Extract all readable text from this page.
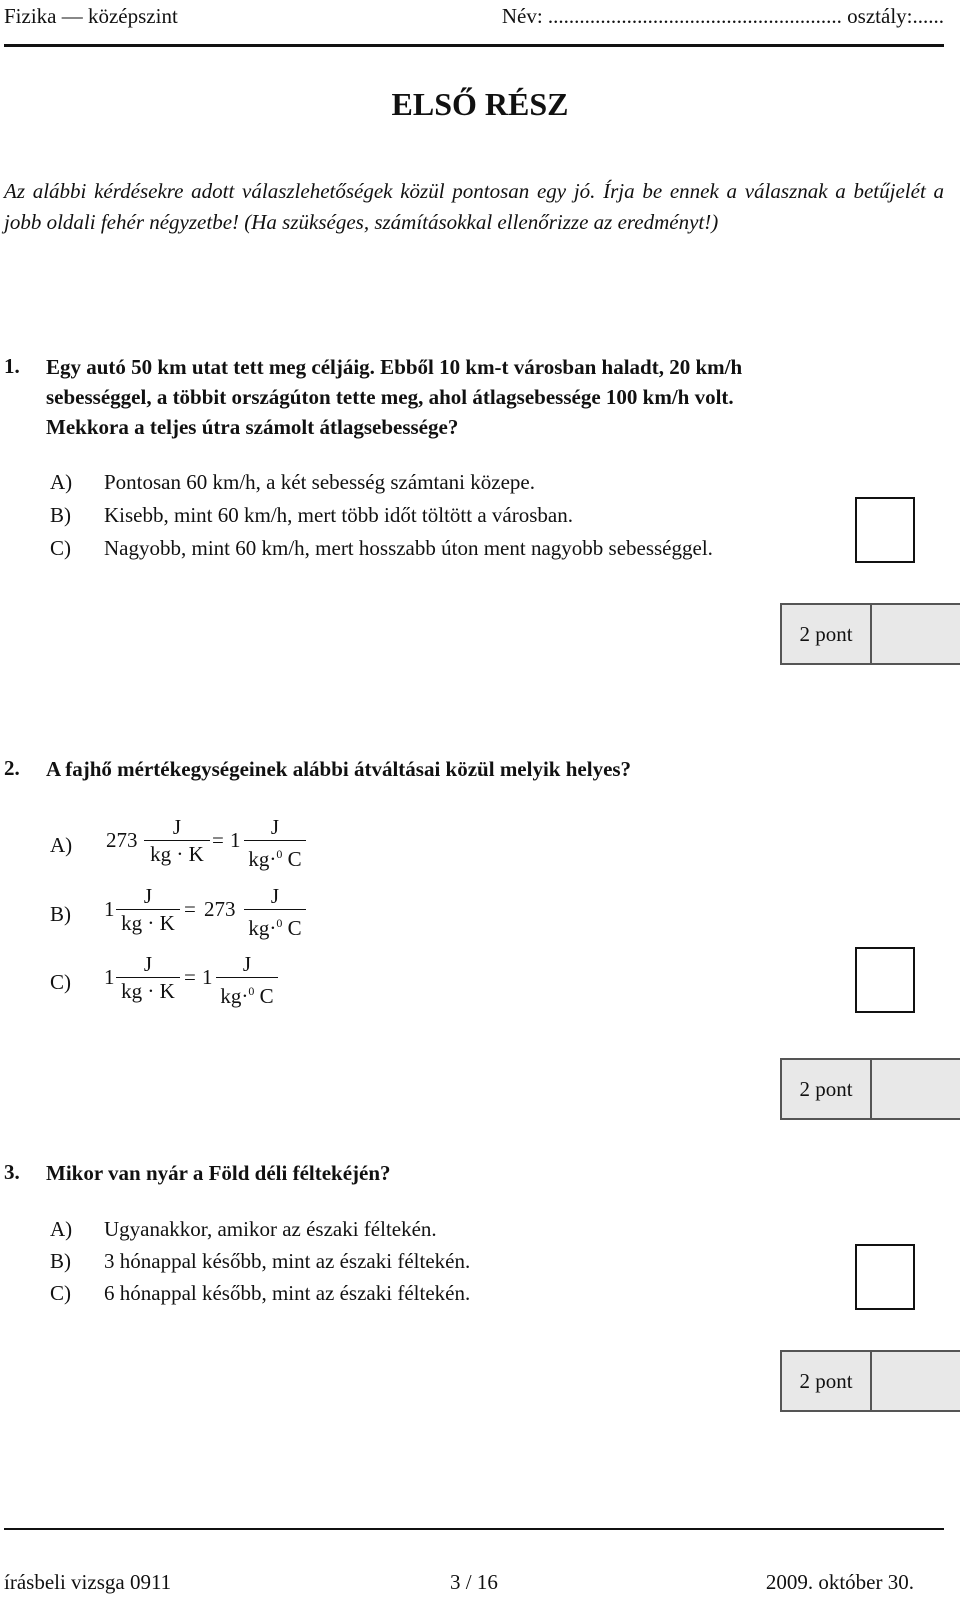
Fizika — középszint	Név: ........................................................ osztály:......
ELSŐ RÉSZ
Az alábbi kérdésekre adott válaszlehetőségek közül pontosan egy jó. Írja be ennek a válasznak a betűjelét a jobb oldali fehér négyzetbe! (Ha szükséges, számításokkal ellenőrizze az eredményt!)
1. Egy autó 50 km utat tett meg céljáig. Ebből 10 km-t városban haladt, 20 km/h
sebességgel, a többit országúton tette meg, ahol átlagsebessége 100 km/h volt.
Mekkora a teljes útra számolt átlagsebessége?
A) Pontosan 60 km/h, a két sebesség számtani közepe.
B) Kisebb, mint 60 km/h, mert több időt töltött a városban.
C) Nagyobb, mint 60 km/h, mert hosszabb úton ment nagyobb sebességgel.
2 pont
2. A fajhő mértékegységeinek alábbi átváltásai közül melyik helyes?
A) 273
J
kg · K
= 1
J
kg·$^0$ C
B) 1
J
kg · K
= 273
J
kg·$^0$ C
C) 1
J
kg · K
= 1
J
kg·$^0$ C
2 pont
3. Mikor van nyár a Föld déli féltekéjén?
A) Ugyanakkor, amikor az északi féltekén.
B) 3 hónappal később, mint az északi féltekén.
C) 6 hónappal később, mint az északi féltekén.
2 pont
írásbeli vizsga 0911	3 / 16	2009. október 30.
